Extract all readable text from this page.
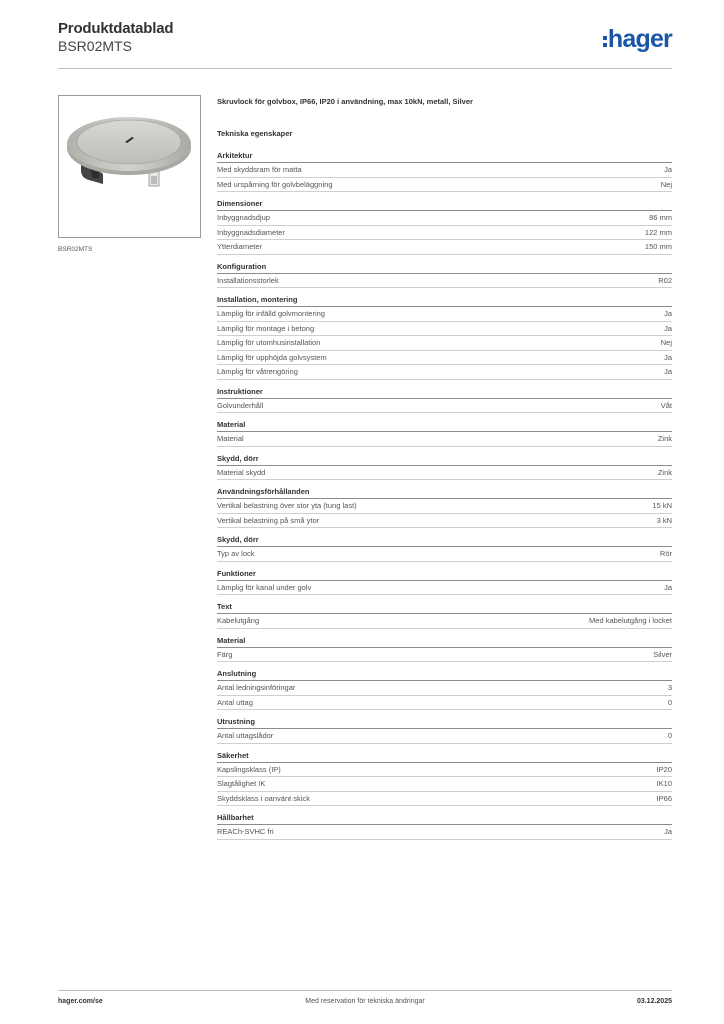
Produktdatablad
BSR02MTS	hager
BSR02MTS
Skruvlock för golvbox, IP66, IP20 i användning, max 10kN, metall, Silver
Tekniska egenskaper
Arkitektur
Med skyddsram för matta	Ja
Med urspårning för golvbeläggning	Nej
Dimensioner
Inbyggnadsdjup	86 mm
Inbyggnadsdiameter	122 mm
Ytterdiameter	150 mm
Konfiguration
Installationsstorlek	R02
Installation, montering
Lämplig för infälld golvmontering	Ja
Lämplig för montage i betong	Ja
Lämplig för utomhusinstallation	Nej
Lämplig för upphöjda golvsystem	Ja
Lämplig för våtrengöring	Ja
Instruktioner
Golvunderhåll	Våt
Material
Material	Zink
Skydd, dörr
Material skydd	Zink
Användningsförhållanden
Vertikal belastning över stor yta (tung last)	15 kN
Vertikal belastning på små ytor	3 kN
Skydd, dörr
Typ av lock	Rör
Funktioner
Lämplig för kanal under golv	Ja
Text
Kabelutgång	Med kabelutgång i locket
Material
Färg	Silver
Anslutning
Antal ledningsinföringar	3
Antal uttag	0
Utrustning
Antal uttagslådor	0
Säkerhet
Kapslingsklass (IP)	IP20
Slagtålighet IK	IK10
Skyddsklass i oanvänt skick	IP66
Hållbarhet
REACh-SVHC fri	Ja
hager.com/se	Med reservation för tekniska ändringar	03.12.2025
